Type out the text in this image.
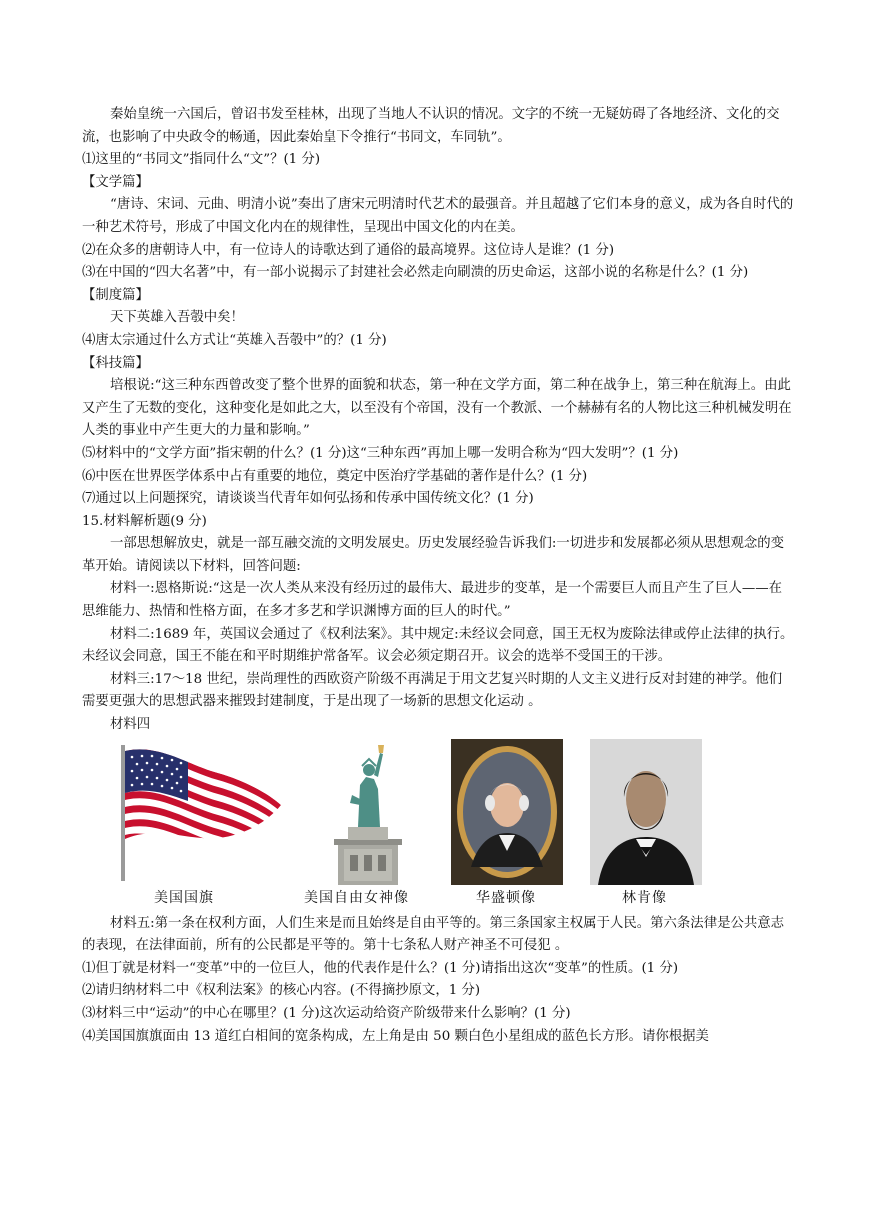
秦始皇统一六国后，曾诏书发至桂林，出现了当地人不认识的情况。文字的不统一无疑妨碍了各地经济、文化的交流，也影响了中央政令的畅通，因此秦始皇下令推行“书同文，车同轨”。

⑴这里的“书同文”指同什么“文”？(1 分)

【文学篇】

“唐诗、宋词、元曲、明清小说”奏出了唐宋元明清时代艺术的最强音。并且超越了它们本身的意义，成为各自时代的一种艺术符号，形成了中国文化内在的规律性，呈现出中国文化的内在美。

⑵在众多的唐朝诗人中，有一位诗人的诗歌达到了通俗的最高境界。这位诗人是谁？(1 分)

⑶在中国的“四大名著”中，有一部小说揭示了封建社会必然走向刷溃的历史命运，这部小说的名称是什么？(1 分)

【制度篇】

天下英雄入吾彀中矣！

⑷唐太宗通过什么方式让“英雄入吾彀中”的？(1 分)

【科技篇】

培根说:“这三种东西曾改变了整个世界的面貌和状态，第一种在文学方面，第二种在战争上，第三种在航海上。由此又产生了无数的变化，这种变化是如此之大，以至没有个帝国，没有一个教派、一个赫赫有名的人物比这三种机械发明在人类的事业中产生更大的力量和影响。”

⑸材料中的“文学方面”指宋朝的什么？(1 分)这“三种东西”再加上哪一发明合称为“四大发明”？(1 分)

⑹中医在世界医学体系中占有重要的地位，奠定中医治疗学基础的著作是什么？(1 分)

⑺通过以上问题探究，请谈谈当代青年如何弘扬和传承中国传统文化？(1 分)

15.材料解析题(9 分)

一部思想解放史，就是一部互融交流的文明发展史。历史发展经验告诉我们:一切进步和发展都必须从思想观念的变革开始。请阅读以下材料，回答问题:

材料一:恩格斯说:“这是一次人类从来没有经历过的最伟大、最进步的变革，是一个需要巨人而且产生了巨人——在思维能力、热情和性格方面，在多才多艺和学识渊博方面的巨人的时代。”

材料二:1689 年，英国议会通过了《权利法案》。其中规定:未经议会同意，国王无权为废除法律或停止法律的执行。未经议会同意，国王不能在和平时期维护常备军。议会必须定期召开。议会的选举不受国王的干涉。

材料三:17～18 世纪，崇尚理性的西欧资产阶级不再满足于用文艺复兴时期的人文主义进行反对封建的神学。他们需要更强大的思想武器来摧毁封建制度，于是出现了一场新的思想文化运动 。

材料四

美国国旗	美国自由女神像	华盛顿像	林肯像

材料五:第一条在权利方面，人们生来是而且始终是自由平等的。第三条国家主权属于人民。第六条法律是公共意志的表现，在法律面前，所有的公民都是平等的。第十七条私人财产神圣不可侵犯 。

⑴但丁就是材料一“变革”中的一位巨人，他的代表作是什么？(1 分)请指出这次“变革”的性质。(1 分)

⑵请归纳材料二中《权利法案》的核心内容。(不得摘抄原文，1 分)

⑶材料三中“运动”的中心在哪里？(1 分)这次运动给资产阶级带来什么影响？(1 分)

⑷美国国旗旗面由 13 道红白相间的宽条构成，左上角是由 50 颗白色小星组成的蓝色长方形。请你根据美
